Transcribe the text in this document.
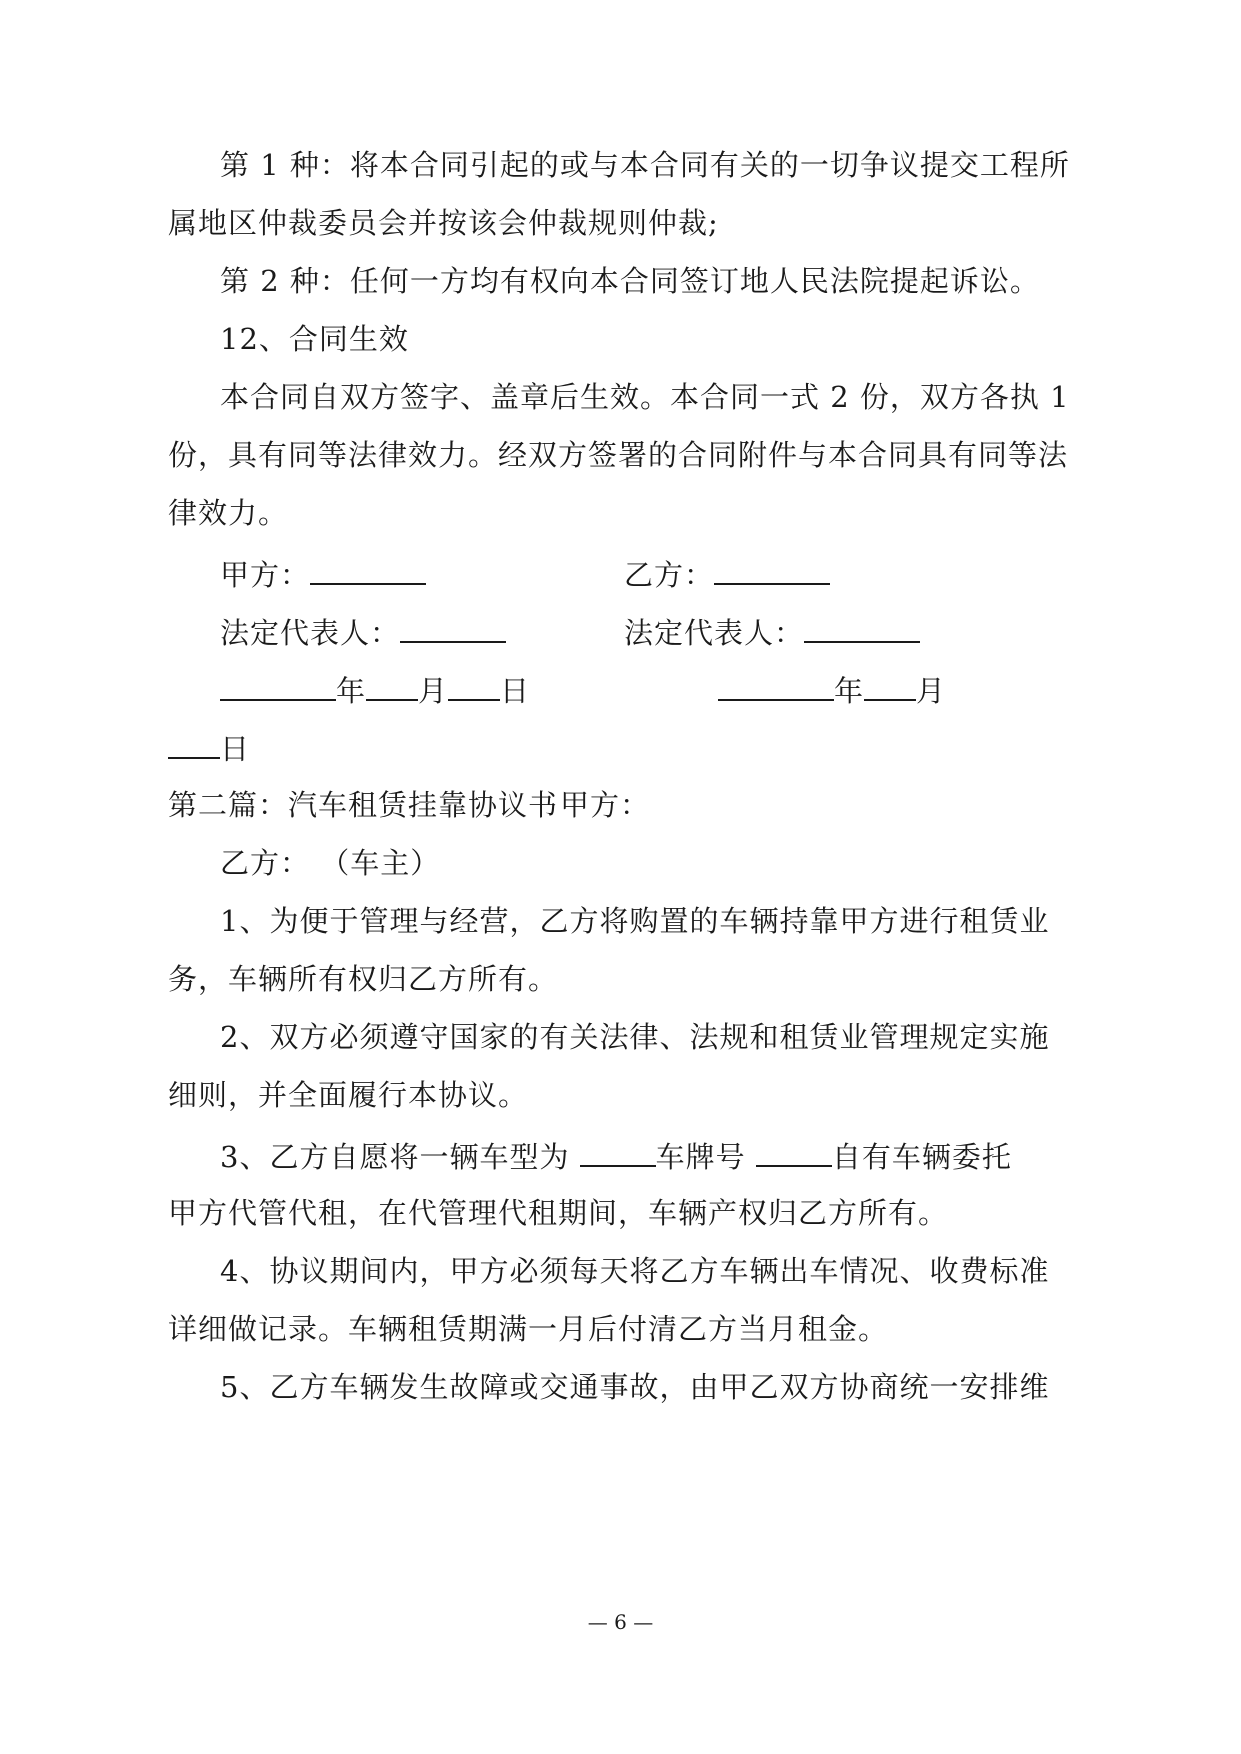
第 1 种：将本合同引起的或与本合同有关的一切争议提交工程所
属地区仲裁委员会并按该会仲裁规则仲裁;
第 2 种：任何一方均有权向本合同签订地人民法院提起诉讼。
12、合同生效
本合同自双方签字、盖章后生效。本合同一式 2 份，双方各执 1
份，具有同等法律效力。经双方签署的合同附件与本合同具有同等法
律效力。
甲方：	乙方：
法定代表人：	法定代表人：
年 月 日	年 月
日
第二篇：汽车租赁挂靠协议书 甲方：
乙方： （车主）
1、为便于管理与经营，乙方将购置的车辆持靠甲方进行租赁业
务，车辆所有权归乙方所有。
2、双方必须遵守国家的有关法律、法规和租赁业管理规定实施
细则，并全面履行本协议。
3、乙方自愿将一辆车型为	车牌号	自有车辆委托
甲方代管代租，在代管理代租期间，车辆产权归乙方所有。
4、协议期间内，甲方必须每天将乙方车辆出车情况、收费标准
详细做记录。车辆租赁期满一月后付清乙方当月租金。
5、乙方车辆发生故障或交通事故，由甲乙双方协商统一安排维
— 6 —
